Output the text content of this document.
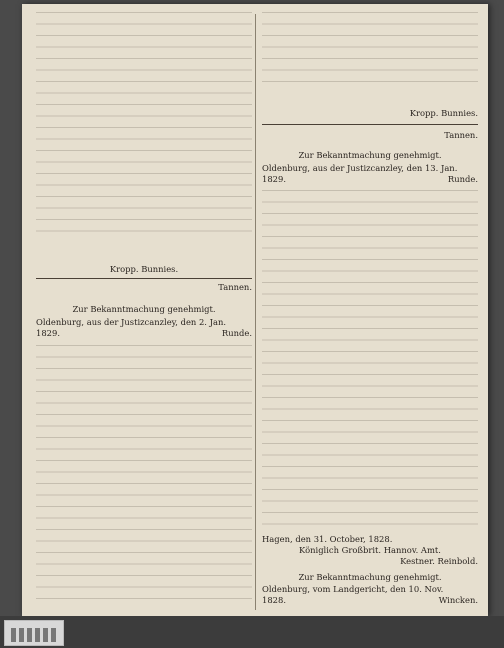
Kropp. Bunnies.
Tannen.
Zur Bekanntmachung genehmigt.
Oldenburg, aus der Justizcanzley, den 2. Jan.
1829.	Runde.
Kropp. Bunnies.
Tannen.
Zur Bekanntmachung genehmigt.
Oldenburg, aus der Justizcanzley, den 13. Jan.
1829.	Runde.
Hagen, den 31. October, 1828.
Königlich Großbrit. Hannov. Amt.
Kestner. Reinbold.
Zur Bekanntmachung genehmigt.
Oldenburg, vom Landgericht, den 10. Nov.
1828.	Wincken.
